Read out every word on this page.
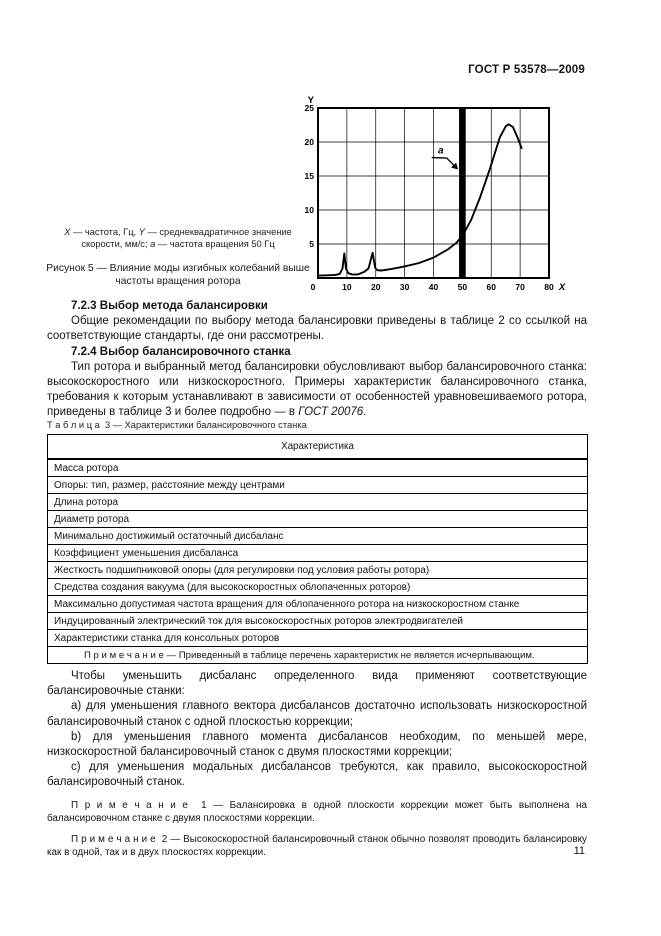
ГОСТ Р 53578—2009
5
10
15
20
25
0	10 20 30 40 50 60 70 80
Y
X
а
X — частота, Гц, Y — среднеквадратичное значение скорости, мм/с; а — частота вращения 50 Гц
Рисунок 5 — Влияние моды изгибных колебаний выше частоты вращения ротора

7.2.3 Выбор метода балансировки

Общие рекомендации по выбору метода балансировки приведены в таблице 2 со ссылкой на соответствующие стандарты, где они рассмотрены.

7.2.4 Выбор балансировочного станка

Тип ротора и выбранный метод балансировки обусловливают выбор балансировочного станка: высокоскоростного или низкоскоростного. Примеры характеристик балансировочного станка, требования к которым устанавливают в зависимости от особенностей уравновешиваемого ротора, приведены в таблице 3 и более подробно — в ГОСТ 20076.

Т а б л и ц а  3 — Характеристики балансировочного станка

Характеристика
Масса ротора
Опоры: тип, размер, расстояние между центрами
Длина ротора
Диаметр ротора
Минимально достижимый остаточный дисбаланс
Коэффициент уменьшения дисбаланса
Жесткость подшипниковой опоры (для регулировки под условия работы ротора)
Средства создания вакуума (для высокоскоростных облопаченных роторов)
Максимально допустимая частота вращения для облопаченного ротора на низкоскоростном станке
Индуцированный электрический ток для высокоскоростных роторов электродвигателей
Характеристики станка для консольных роторов
П р и м е ч а н и е — Приведенный в таблице перечень характеристик не является исчерпывающим.

Чтобы уменьшить дисбаланс определенного вида применяют соответствующие балансировочные станки:

a) для уменьшения главного вектора дисбалансов достаточно использовать низкоскоростной балансировочный станок с одной плоскостью коррекции;

b) для уменьшения главного момента дисбалансов необходим, по меньшей мере, низкоскоростной балансировочный станок с двумя плоскостями коррекции;

c) для уменьшения модальных дисбалансов требуются, как правило, высокоскоростной балансировочный станок.

П р и м е ч а н и е  1 — Балансировка в одной плоскости коррекции может быть выполнена на балансировочном станке с двумя плоскостями коррекции.

П р и м е ч а н и е  2 — Высокоскоростной балансировочный станок обычно позволят проводить балансировку как в одной, так и в двух плоскостях коррекции.	11
